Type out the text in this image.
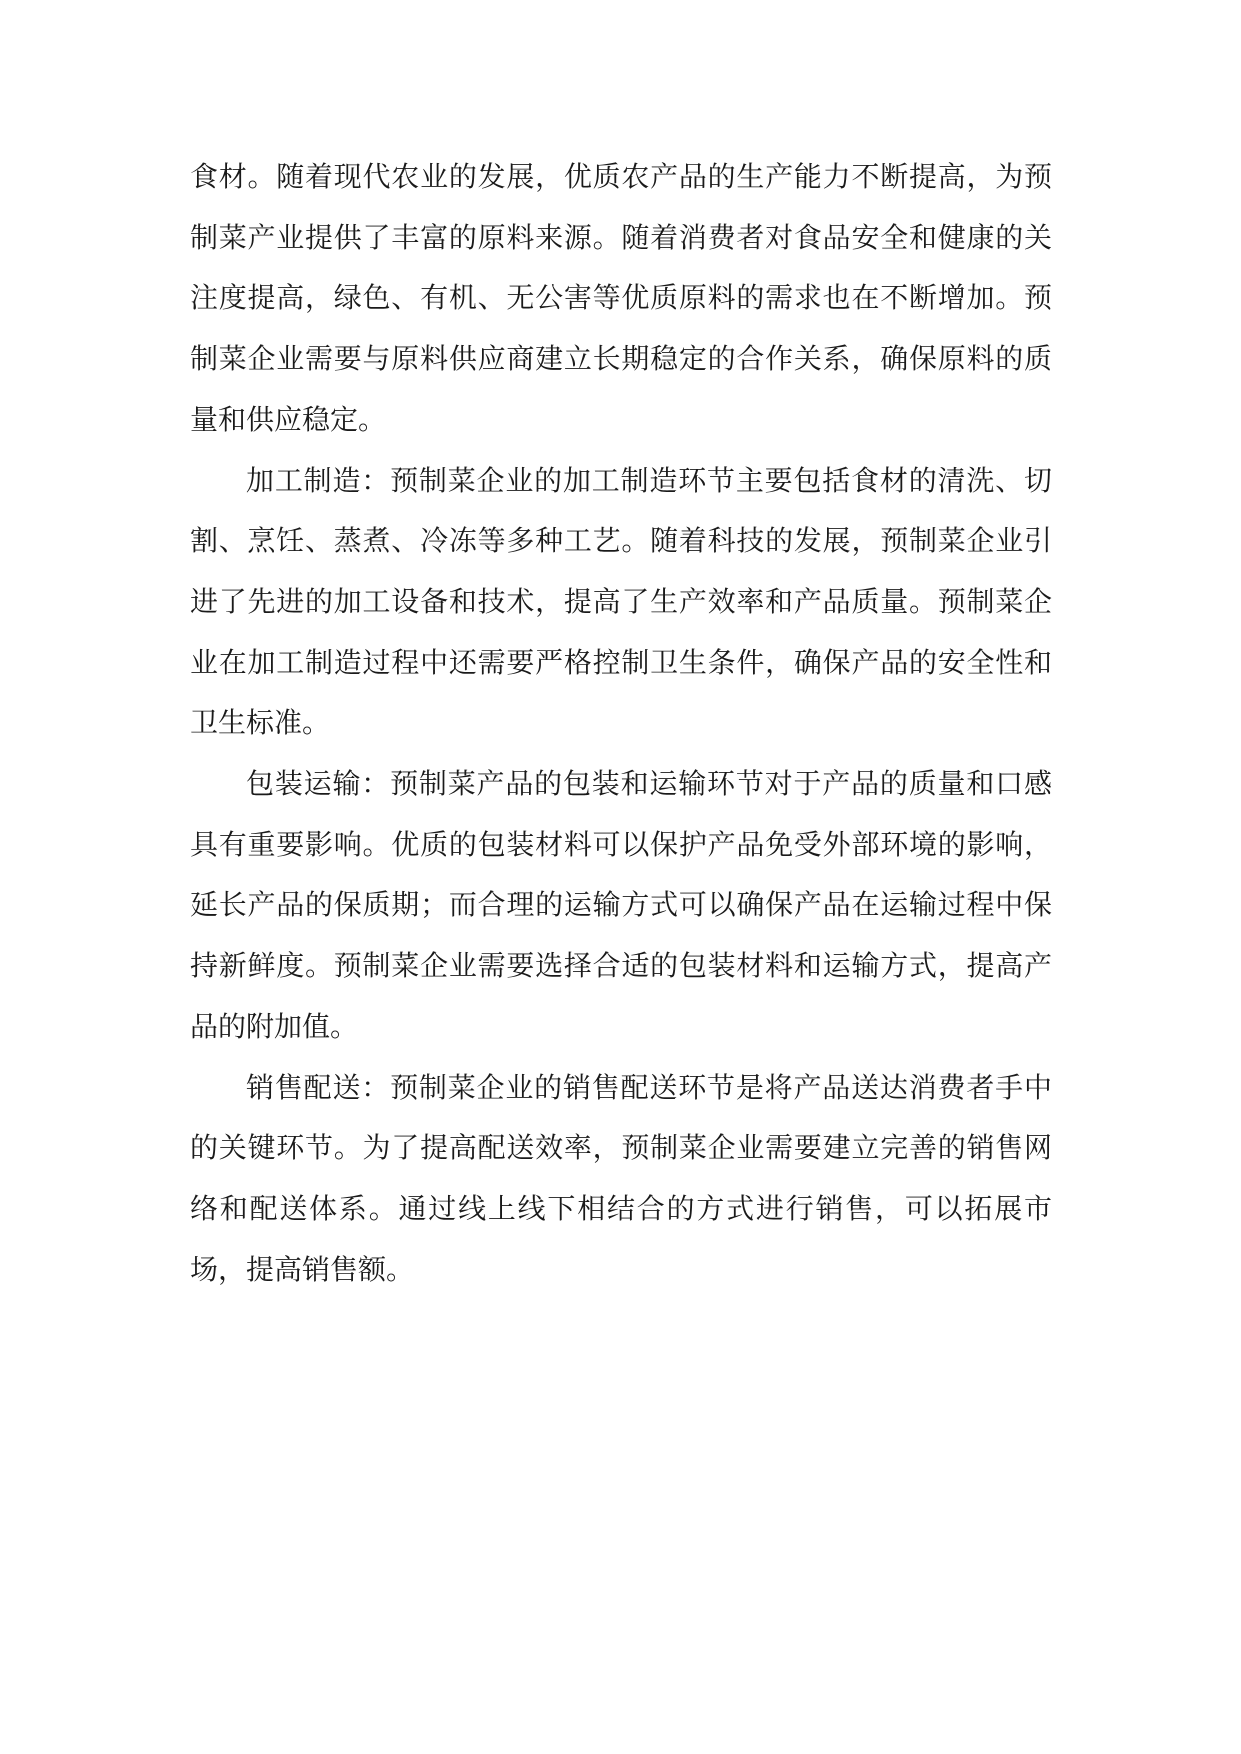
食材。随着现代农业的发展，优质农产品的生产能力不断提高，为预制菜产业提供了丰富的原料来源。随着消费者对食品安全和健康的关注度提高，绿色、有机、无公害等优质原料的需求也在不断增加。预制菜企业需要与原料供应商建立长期稳定的合作关系，确保原料的质量和供应稳定。

加工制造：预制菜企业的加工制造环节主要包括食材的清洗、切割、烹饪、蒸煮、冷冻等多种工艺。随着科技的发展，预制菜企业引进了先进的加工设备和技术，提高了生产效率和产品质量。预制菜企业在加工制造过程中还需要严格控制卫生条件，确保产品的安全性和卫生标准。

包装运输：预制菜产品的包装和运输环节对于产品的质量和口感具有重要影响。优质的包装材料可以保护产品免受外部环境的影响，延长产品的保质期；而合理的运输方式可以确保产品在运输过程中保持新鲜度。预制菜企业需要选择合适的包装材料和运输方式，提高产品的附加值。

销售配送：预制菜企业的销售配送环节是将产品送达消费者手中的关键环节。为了提高配送效率，预制菜企业需要建立完善的销售网络和配送体系。通过线上线下相结合的方式进行销售，可以拓展市场，提高销售额。
